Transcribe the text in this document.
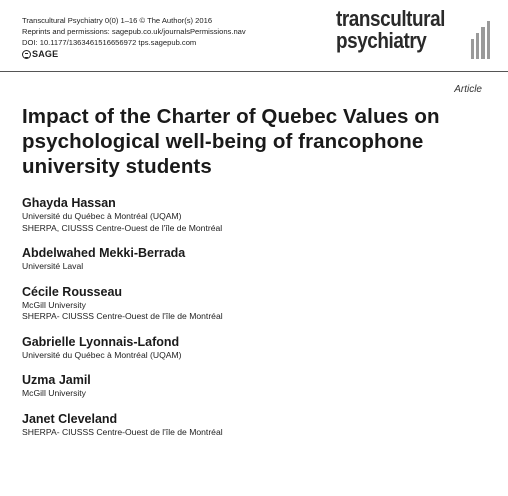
Transcultural Psychiatry 0(0) 1–16 © The Author(s) 2016
Reprints and permissions: sagepub.co.uk/journalsPermissions.nav
DOI: 10.1177/1363461516656972 tps.sagepub.com
SAGE
transcultural
psychiatry
Article
Impact of the Charter of Quebec Values on psychological well-being of francophone university students
Ghayda Hassan
Université du Québec à Montréal (UQAM)
SHERPA, CIUSSS Centre-Ouest de l'île de Montréal
Abdelwahed Mekki-Berrada
Université Laval
Cécile Rousseau
McGill University
SHERPA- CIUSSS Centre-Ouest de l'île de Montréal
Gabrielle Lyonnais-Lafond
Université du Québec à Montréal (UQAM)
Uzma Jamil
McGill University
Janet Cleveland
SHERPA- CIUSSS Centre-Ouest de l'île de Montréal
